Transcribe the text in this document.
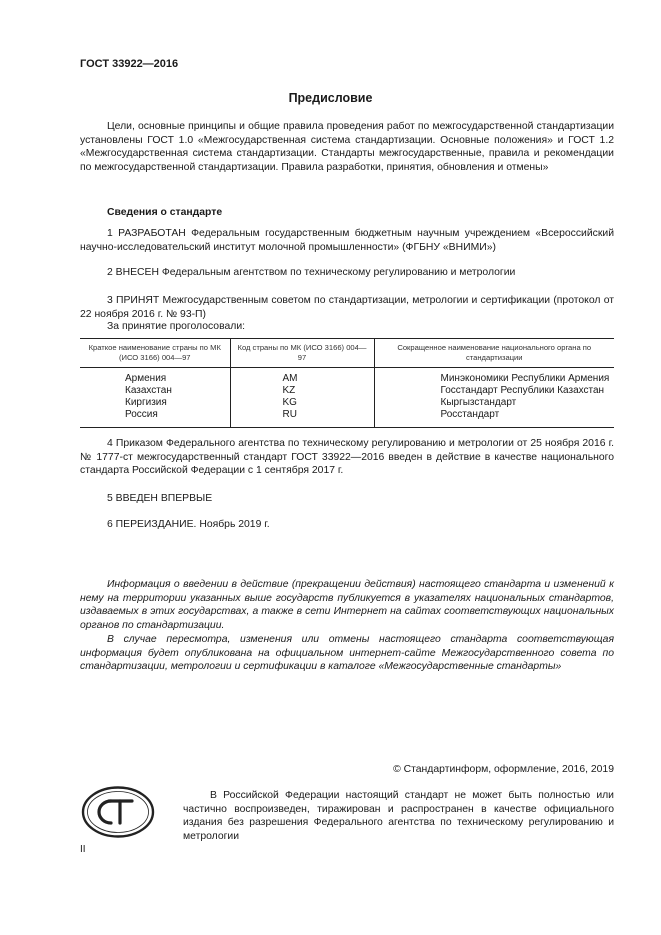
ГОСТ 33922—2016
Предисловие
Цели, основные принципы и общие правила проведения работ по межгосударственной стандартизации установлены ГОСТ 1.0 «Межгосударственная система стандартизации. Основные положения» и ГОСТ 1.2 «Межгосударственная система стандартизации. Стандарты межгосударственные, правила и рекомендации по межгосударственной стандартизации. Правила разработки, принятия, обновления и отмены»
Сведения о стандарте
1 РАЗРАБОТАН Федеральным государственным бюджетным научным учреждением «Всероссийский научно-исследовательский институт молочной промышленности» (ФГБНУ «ВНИМИ»)
2 ВНЕСЕН Федеральным агентством по техническому регулированию и метрологии
3 ПРИНЯТ Межгосударственным советом по стандартизации, метрологии и сертификации (протокол от 22 ноября 2016 г. № 93-П)
За принятие проголосовали:
Краткое наименование страны по МК (ИСО 3166) 004—97	Код страны по МК (ИСО 3166) 004—97	Сокращенное наименование национального органа по стандартизации
Армения	AM	Минэкономики Республики Армения
Казахстан	KZ	Госстандарт Республики Казахстан
Киргизия	KG	Кыргызстандарт
Россия	RU	Росстандарт
4 Приказом Федерального агентства по техническому регулированию и метрологии от 25 ноября 2016 г. № 1777-ст межгосударственный стандарт ГОСТ 33922—2016 введен в действие в качестве национального стандарта Российской Федерации с 1 сентября 2017 г.
5 ВВЕДЕН ВПЕРВЫЕ
6 ПЕРЕИЗДАНИЕ. Ноябрь 2019 г.
Информация о введении в действие (прекращении действия) настоящего стандарта и изменений к нему на территории указанных выше государств публикуется в указателях национальных стандартов, издаваемых в этих государствах, а также в сети Интернет на сайтах соответствующих национальных органов по стандартизации.
В случае пересмотра, изменения или отмены настоящего стандарта соответствующая информация будет опубликована на официальном интернет-сайте Межгосударственного совета по стандартизации, метрологии и сертификации в каталоге «Межгосударственные стандарты»
© Стандартинформ, оформление, 2016, 2019
В Российской Федерации настоящий стандарт не может быть полностью или частично воспроизведен, тиражирован и распространен в качестве официального издания без разрешения Федерального агентства по техническому регулированию и метрологии
II
